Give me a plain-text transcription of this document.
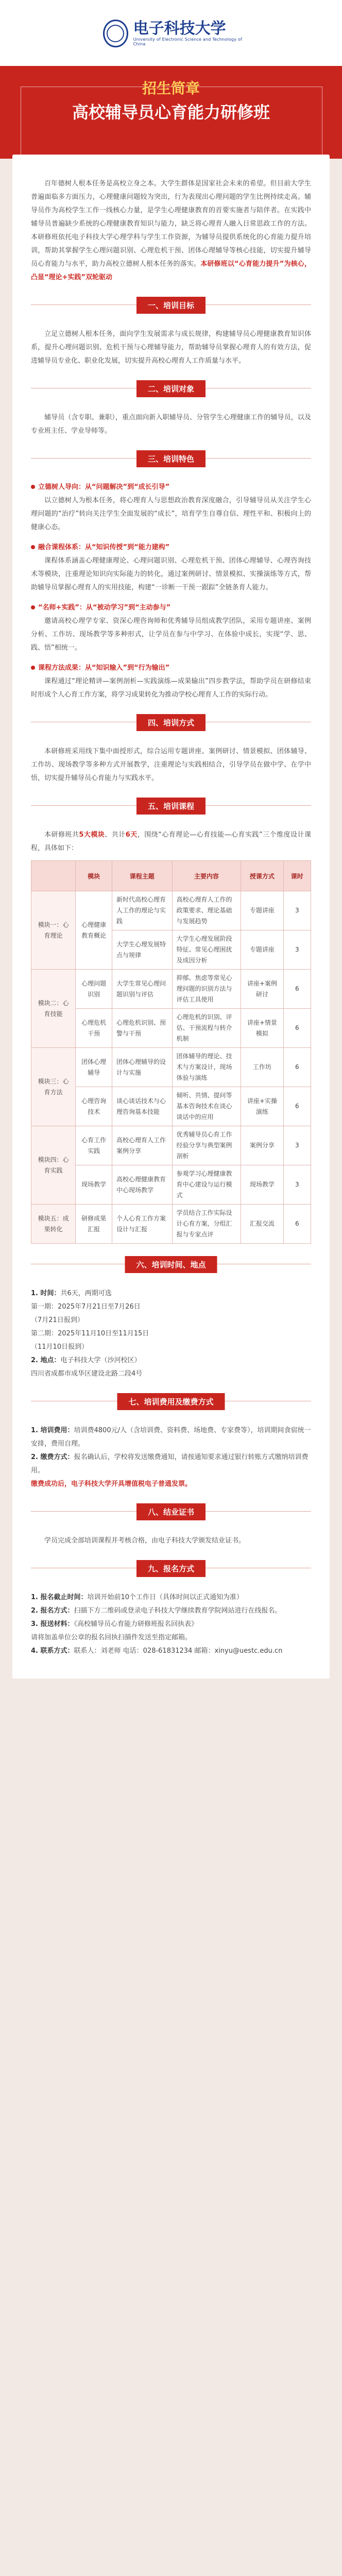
电子科技大学
University of Electronic Science and Technology of China
招生简章
高校辅导员心育能力研修班

百年德树人根本任务是高校立身之本。大学生群体是国家社会未来的希望。但目前大学生普遍面临多方面压力，心理健康问题较为突出，行为表现出心理问题的学生比例持续走高。辅导员作为高校学生工作一线核心力量，是学生心理健康教育的首要实施者与陪伴者。在实践中辅导员普遍缺少系统的心理健康教育知识与能力，缺乏将心理育人融入日常思政工作的方法。本研修班依托电子科技大学心理学科与学生工作资源，为辅导员提供系统化的心育能力提升培训，帮助其掌握学生心理问题识别、心理危机干预、团体心理辅导等核心技能，切实提升辅导员心育能力与水平，助力高校立德树人根本任务的落实。本研修班以“心育能力提升”为核心，凸显“理论+实践”双轮驱动

一、培训目标

立足立德树人根本任务，面向学生发展需求与成长规律，构建辅导员心理健康教育知识体系，提升心理问题识别、危机干预与心理辅导能力，帮助辅导员掌握心理育人的有效方法，促进辅导员专业化、职业化发展，切实提升高校心理育人工作质量与水平。

二、培训对象

辅导员（含专职、兼职），重点面向新入职辅导员、分管学生心理健康工作的辅导员，以及专业班主任、学业导师等。

三、培训特色
立德树人导向：从“问题解决”到“成长引导”

以立德树人为根本任务，将心理育人与思想政治教育深度融合，引导辅导员从关注学生心理问题的“治疗”转向关注学生全面发展的“成长”，培育学生自尊自信、理性平和、积极向上的健康心态。

融合课程体系：从“知识传授”到“能力建构”

课程体系涵盖心理健康理论、心理问题识别、心理危机干预、团体心理辅导、心理咨询技术等模块，注重理论知识向实际能力的转化，通过案例研讨、情景模拟、实操演练等方式，帮助辅导员掌握心理育人的实用技能，构建“一诊断一干预一跟踪”全链条育人能力。

“名师+实践”：从“被动学习”到“主动参与”

邀请高校心理学专家、资深心理咨询师和优秀辅导员组成教学团队，采用专题讲座、案例分析、工作坊、现场教学等多种形式，让学员在参与中学习、在体验中成长，实现“学、思、践、悟”相统一。

课程方法成果：从“知识输入”到“行为输出”

课程通过“理论精讲—案例剖析—实践演练—成果输出”四步教学法，帮助学员在研修结束时形成个人心育工作方案，将学习成果转化为推动学校心理育人工作的实际行动。

四、培训方式

本研修班采用线下集中面授形式，综合运用专题讲座、案例研讨、情景模拟、团体辅导、工作坊、现场教学等多种方式开展教学，注重理论与实践相结合，引导学员在做中学、在学中悟，切实提升辅导员心育能力与实践水平。

五、培训课程

本研修班共5大模块、共计6天，围绕“心育理论—心育技能—心育实践”三个维度设计课程，具体如下：

	模块	课程主题	主要内容	授课方式	课时
模块一：心育理论	心理健康教育概论	新时代高校心理育人工作的理论与实践	高校心理育人工作的政策要求、理论基础与发展趋势	专题讲座	3
		大学生心理发展特点与规律	大学生心理发展阶段特征、常见心理困扰及成因分析	专题讲座	3
模块二：心育技能	心理问题识别	大学生常见心理问题识别与评估	抑郁、焦虑等常见心理问题的识别方法与评估工具使用	讲座+案例研讨	6
	心理危机干预	心理危机识别、预警与干预	心理危机的识别、评估、干预流程与转介机制	讲座+情景模拟	6
模块三：心育方法	团体心理辅导	团体心理辅导的设计与实施	团体辅导的理论、技术与方案设计，现场体验与演练	工作坊	6
	心理咨询技术	谈心谈话技术与心理咨询基本技能	倾听、共情、提问等基本咨询技术在谈心谈话中的应用	讲座+实操演练	6
模块四：心育实践	心育工作实践	高校心理育人工作案例分享	优秀辅导员心育工作经验分享与典型案例剖析	案例分享	3
	现场教学	高校心理健康教育中心现场教学	参观学习心理健康教育中心建设与运行模式	现场教学	3
模块五：成果转化	研修成果汇报	个人心育工作方案设计与汇报	学员结合工作实际设计心育方案，分组汇报与专家点评	汇报交流	6
六、培训时间、地点
1. 时间：共6天，两期可选
第一期：2025年7月21日至7月26日
（7月21日报到）
第二期：2025年11月10日至11月15日
（11月10日报到）
2. 地点：电子科技大学（沙河校区）
四川省成都市成华区建设北路二段4号
七、培训费用及缴费方式
1. 培训费用：培训费4800元/人（含培训费、资料费、场地费、专家费等），培训期间食宿统一安排，费用自理。
2. 缴费方式：报名确认后，学校将发送缴费通知，请按通知要求通过银行转账方式缴纳培训费用。
缴费成功后，电子科技大学开具增值税电子普通发票。
八、结业证书

学员完成全部培训课程并考核合格，由电子科技大学颁发结业证书。

九、报名方式
1. 报名截止时间：培训开始前10个工作日（具体时间以正式通知为准）
2. 报名方式：扫描下方二维码或登录电子科技大学继续教育学院网站进行在线报名。
3. 报送材料：《高校辅导员心育能力研修班报名回执表》
请将加盖单位公章的报名回执扫描件发送至指定邮箱。
4. 联系方式：联系人：刘老师 电话：028-61831234 邮箱：xinyu@uestc.edu.cn
